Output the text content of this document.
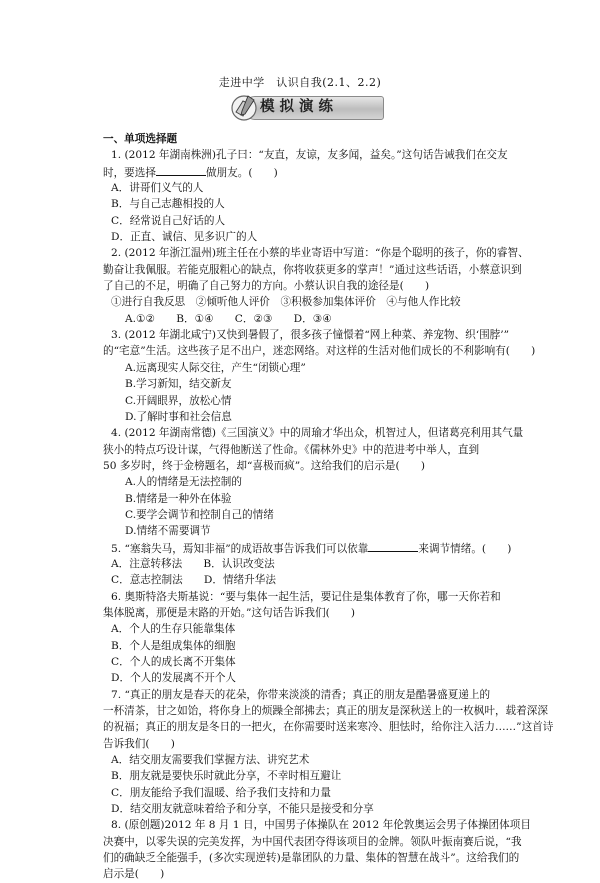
走进中学　认识自我(2.1、2.2)
模拟演练
一、单项选择题
1. (2012 年湖南株洲)孔子曰：“友直，友谅，友多闻，益矣。”这句话告诫我们在交友
时，要选择	做朋友。(　　)
A．讲哥们义气的人
B．与自己志趣相投的人
C．经常说自己好话的人
D．正直、诚信、见多识广的人
2. (2012 年浙江温州)班主任在小蔡的毕业寄语中写道：“你是个聪明的孩子，你的睿智、
勤奋让我佩服。若能克服粗心的缺点，你将收获更多的掌声！”通过这些话语，小蔡意识到
了自己的不足，明确了自己努力的方向。小蔡认识自我的途径是(　　)
①进行自我反思　②倾听他人评价　③积极参加集体评价　④与他人作比较
A.①②　　B．①④　　C．②③　　D．③④
3. (2012 年湖北咸宁)又快到暑假了，很多孩子憧憬着“网上种菜、养宠物、织‘围脖’”
的“宅意”生活。这些孩子足不出户，迷恋网络。对这样的生活对他们成长的不利影响有(　　)
A.远离现实人际交往，产生“闭锁心理”
B.学习新知，结交新友
C.开阔眼界，放松心情
D.了解时事和社会信息
4. (2012 年湖南常德)《三国演义》中的周瑜才华出众，机智过人，但诸葛亮利用其气量
狭小的特点巧设计谋，气得他断送了性命。《儒林外史》中的范进考中举人，直到
50 多岁时，终于金榜题名，却“喜极而疯”。这给我们的启示是(　　)
A.人的情绪是无法控制的
B.情绪是一种外在体验
C.要学会调节和控制自己的情绪
D.情绪不需要调节
5. “塞翁失马，焉知非福”的成语故事告诉我们可以依靠	来调节情绪。(　　)
A．注意转移法　　B．认识改变法
C．意志控制法　　D．情绪升华法
6. 奥斯特洛夫斯基说：“要与集体一起生活，要记住是集体教育了你，哪一天你若和
集体脱离，那便是末路的开始。”这句话告诉我们(　　)
A．个人的生存只能靠集体
B．个人是组成集体的细胞
C．个人的成长离不开集体
D．个人的发展离不开个人
7. “真正的朋友是春天的花朵，你带来淡淡的清香；真正的朋友是酷暑盛夏递上的
一杯清茶，甘之如饴，将你身上的烦躁全部拂去；真正的朋友是深秋送上的一枚枫叶，载着深深
的祝福；真正的朋友是冬日的一把火，在你需要时送来寒冷、胆怯时，给你注入活力……”这首诗
告诉我们(　　)
A．结交朋友需要我们掌握方法、讲究艺术
B．朋友就是要快乐时就此分享，不幸时相互避让
C．朋友能给予我们温暖、给予我们支持和力量
D．结交朋友就意味着给予和分享，不能只是接受和分享
8. (原创题)2012 年 8 月 1 日，中国男子体操队在 2012 年伦敦奥运会男子体操团体项目
决赛中，以零失误的完美发挥，为中国代表团夺得该项目的金牌。领队叶振南赛后说，“我
们的确缺乏全能强手，(多次实现逆转)是靠团队的力量、集体的智慧在战斗”。这给我们的
启示是(　　)
